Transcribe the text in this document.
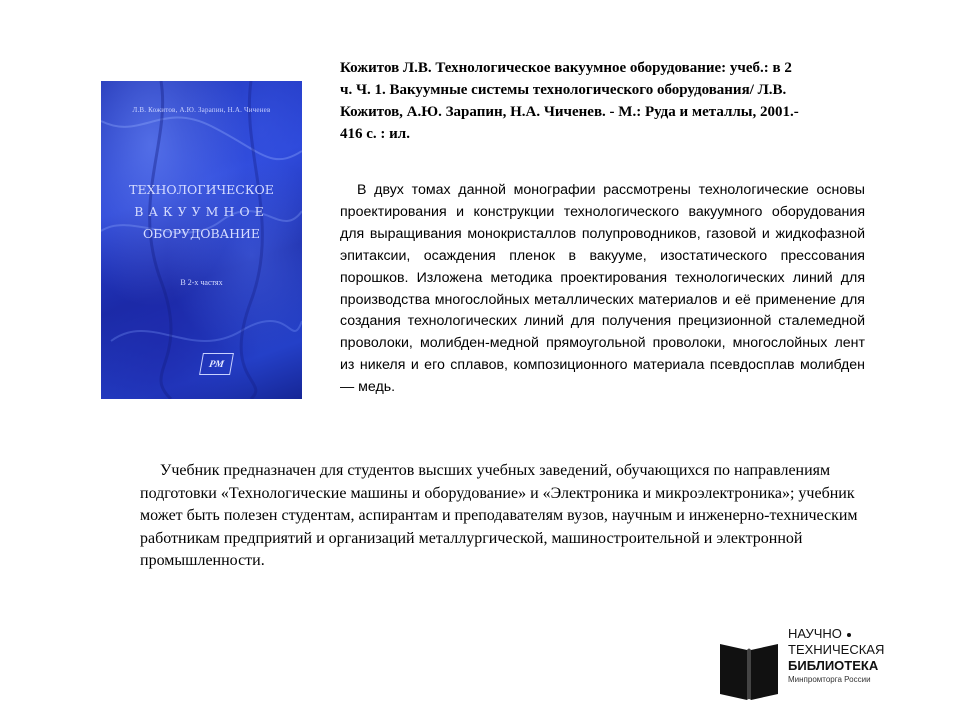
Л.В. Кожитов, А.Ю. Зарапин, Н.А. Чиченев
ТЕХНОЛОГИЧЕСКОЕ
ВАКУУМНОЕ
ОБОРУДОВАНИЕ
В 2-х частях
РМ
Кожитов Л.В. Технологическое вакуумное оборудование: учеб.: в 2 ч. Ч. 1. Вакуумные системы технологического оборудования/ Л.В. Кожитов, А.Ю. Зарапин, Н.А. Чиченев. - М.: Руда и металлы, 2001.- 416 с. : ил.

В двух томах данной монографии рассмотрены технологические основы проектирования и конструкции технологического вакуумного оборудования для выращивания монокристаллов полупроводников, газовой и жидкофазной эпитаксии, осаждения пленок в вакууме, изостатического прессования порошков. Изложена методика проектирования технологических линий для производства многослойных металлических материалов и её применение для создания технологических линий для получения прецизионной сталемедной проволоки, молибден-медной прямоугольной проволоки, многослойных лент из никеля и его сплавов, композиционного материала псевдосплав молибден — медь.

Учебник предназначен для студентов высших учебных заведений, обучающихся по направлениям подготовки «Технологические машины и оборудование» и «Электроника и микроэлектроника»; учебник может быть полезен студентам, аспирантам и преподавателям вузов, научным и инженерно-техническим работникам предприятий и организаций металлургической, машиностроительной и электронной промышленности.

НАУЧНО
ТЕХНИЧЕСКАЯ
БИБЛИОТЕКА
Минпромторга России
